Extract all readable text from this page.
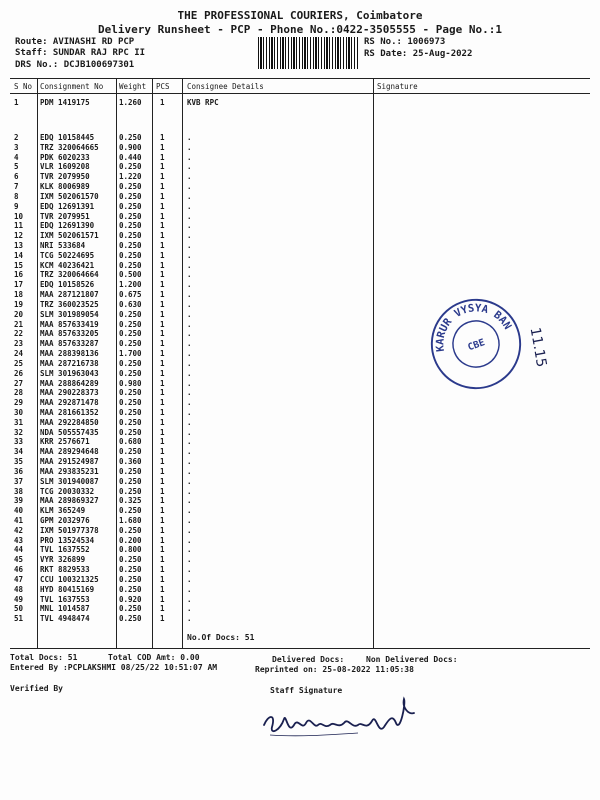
THE PROFESSIONAL COURIERS, Coimbatore
Delivery Runsheet - PCP - Phone No.:0422-3505555 - Page No.:1
Route: AVINASHI RD PCP
Staff: SUNDAR RAJ RPC II
DRS No.: DCJB100697301
RS No.: 1006973
RS Date: 25-Aug-2022
S No Consignment No Weight PCS Consignee Details	Signature
1	PDM 1419175	1.260 1	KVB RPC
2	EDQ 10158445	0.250 1	.
3	TRZ 320064665	0.900 1	.
4	PDK 6020233	0.440 1	.
5	VLR 1609208	0.250 1	.
6	TVR 2079950	1.220 1	.
7	KLK 8006989	0.250 1	.
8	IXM 502061570	0.250 1	.
9	EDQ 12691391	0.250 1	.
10 TVR 2079951	0.250 1	.
11 EDQ 12691390	0.250 1	.
12 IXM 502061571	0.250 1	.
13 NRI 533684	0.250 1	.
14 TCG 50224695	0.250 1	.
15 KCM 40236421	0.250 1	.
16 TRZ 320064664	0.500 1	.
17 EDQ 10158526	1.200 1	.
18 MAA 287121807	0.675 1	.
19 TRZ 360023525	0.630 1	.
20 SLM 301989054	0.250 1	.
21 MAA 857633419	0.250 1	.
22 MAA 857633205	0.250 1	.
23 MAA 857633287	0.250 1	.
24 MAA 288398136	1.700 1	.
25 MAA 287216738	0.250 1	.
26 SLM 301963043	0.250 1	.
27 MAA 288864289	0.980 1	.
28 MAA 290228373	0.250 1	.
29 MAA 292871478	0.250 1	.
30 MAA 281661352	0.250 1	.
31 MAA 292284850	0.250 1	.
32 NDA 505557435	0.250 1	.
33 KRR 2576671	0.680 1	.
34 MAA 289294648	0.250 1	.
35 MAA 291524987	0.360 1	.
36 MAA 293835231	0.250 1	.
37 SLM 301940087	0.250 1	.
38 TCG 20030332	0.250 1	.
39 MAA 289869327	0.325 1	.
40 KLM 365249	0.250 1	.
41 GPM 2032976	1.680 1	.
42 IXM 501977378	0.250 1	.
43 PRO 13524534	0.200 1	.
44 TVL 1637552	0.800 1	.
45 VYR 326899	0.250 1	.
46 RKT 8829533	0.250 1	.
47 CCU 100321325	0.250 1	.
48 HYD 80415169	0.250 1	.
49 TVL 1637553	0.920 1	.
50 MNL 1014587	0.250 1	.
51 TVL 4948474	0.250 1	.
No.Of Docs: 51
Total Docs: 51	Total COD Amt: 0.00	Delivered Docs:	Non Delivered Docs:
Entered By :PCPLAKSHMI 08/25/22 10:51:07 AM	Reprinted on: 25-08-2022 11:05:38
Verified By	Staff Signature
KARUR VYSYA BANK
CBE	11.15
